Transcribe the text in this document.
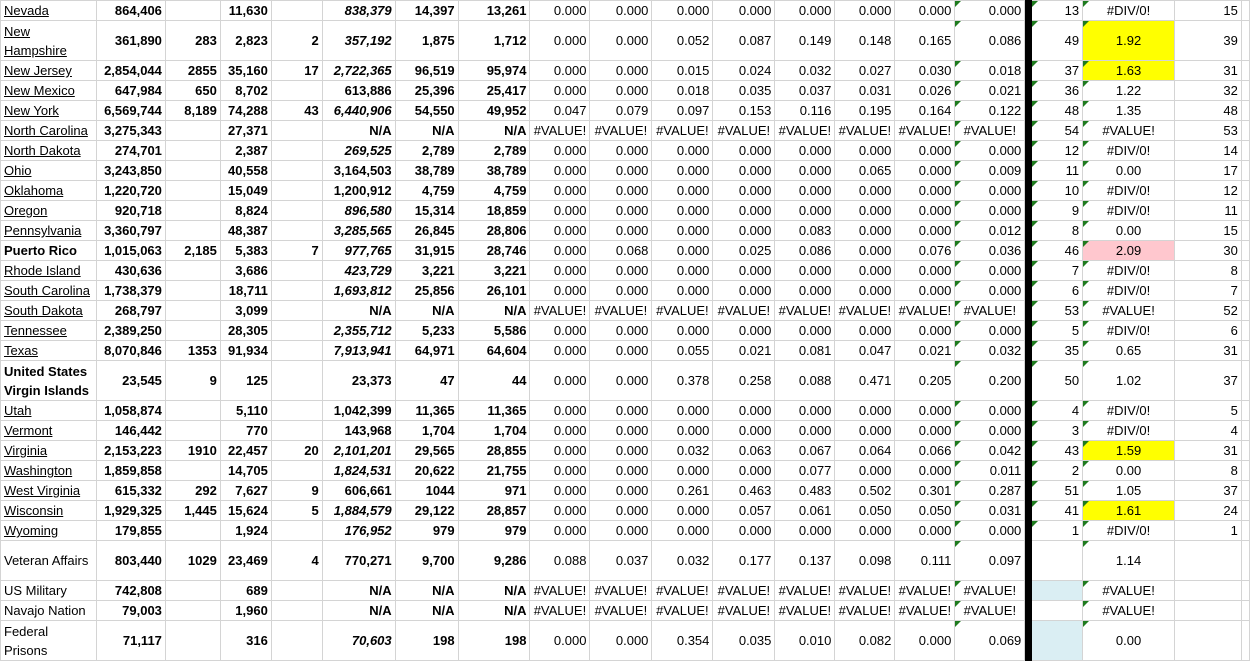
Nevada	864,406		11,630		838,379	14,397	13,261	0.000	0.000	0.000	0.000	0.000	0.000	0.000	0.000		13	#DIV/0!	15	
New Hampshire	361,890	283	2,823	2	357,192	1,875	1,712	0.000	0.000	0.052	0.087	0.149	0.148	0.165	0.086		49	1.92	39	
New Jersey	2,854,044	2855	35,160	17	2,722,365	96,519	95,974	0.000	0.000	0.015	0.024	0.032	0.027	0.030	0.018		37	1.63	31	
New Mexico	647,984	650	8,702		613,886	25,396	25,417	0.000	0.000	0.018	0.035	0.037	0.031	0.026	0.021		36	1.22	32	
New York	6,569,744	8,189	74,288	43	6,440,906	54,550	49,952	0.047	0.079	0.097	0.153	0.116	0.195	0.164	0.122		48	1.35	48	
North Carolina	3,275,343		27,371		N/A	N/A	N/A	#VALUE!	#VALUE!	#VALUE!	#VALUE!	#VALUE!	#VALUE!	#VALUE!	#VALUE!		54	#VALUE!	53	
North Dakota	274,701		2,387		269,525	2,789	2,789	0.000	0.000	0.000	0.000	0.000	0.000	0.000	0.000		12	#DIV/0!	14	
Ohio	3,243,850		40,558		3,164,503	38,789	38,789	0.000	0.000	0.000	0.000	0.000	0.065	0.000	0.009		11	0.00	17	
Oklahoma	1,220,720		15,049		1,200,912	4,759	4,759	0.000	0.000	0.000	0.000	0.000	0.000	0.000	0.000		10	#DIV/0!	12	
Oregon	920,718		8,824		896,580	15,314	18,859	0.000	0.000	0.000	0.000	0.000	0.000	0.000	0.000		9	#DIV/0!	11	
Pennsylvania	3,360,797		48,387		3,285,565	26,845	28,806	0.000	0.000	0.000	0.000	0.083	0.000	0.000	0.012		8	0.00	15	
Puerto Rico	1,015,063	2,185	5,383	7	977,765	31,915	28,746	0.000	0.068	0.000	0.025	0.086	0.000	0.076	0.036		46	2.09	30	
Rhode Island	430,636		3,686		423,729	3,221	3,221	0.000	0.000	0.000	0.000	0.000	0.000	0.000	0.000		7	#DIV/0!	8	
South Carolina	1,738,379		18,711		1,693,812	25,856	26,101	0.000	0.000	0.000	0.000	0.000	0.000	0.000	0.000		6	#DIV/0!	7	
South Dakota	268,797		3,099		N/A	N/A	N/A	#VALUE!	#VALUE!	#VALUE!	#VALUE!	#VALUE!	#VALUE!	#VALUE!	#VALUE!		53	#VALUE!	52	
Tennessee	2,389,250		28,305		2,355,712	5,233	5,586	0.000	0.000	0.000	0.000	0.000	0.000	0.000	0.000		5	#DIV/0!	6	
Texas	8,070,846	1353	91,934		7,913,941	64,971	64,604	0.000	0.000	0.055	0.021	0.081	0.047	0.021	0.032		35	0.65	31	
United States Virgin Islands	23,545	9	125		23,373	47	44	0.000	0.000	0.378	0.258	0.088	0.471	0.205	0.200		50	1.02	37	
Utah	1,058,874		5,110		1,042,399	11,365	11,365	0.000	0.000	0.000	0.000	0.000	0.000	0.000	0.000		4	#DIV/0!	5	
Vermont	146,442		770		143,968	1,704	1,704	0.000	0.000	0.000	0.000	0.000	0.000	0.000	0.000		3	#DIV/0!	4	
Virginia	2,153,223	1910	22,457	20	2,101,201	29,565	28,855	0.000	0.000	0.032	0.063	0.067	0.064	0.066	0.042		43	1.59	31	
Washington	1,859,858		14,705		1,824,531	20,622	21,755	0.000	0.000	0.000	0.000	0.077	0.000	0.000	0.011		2	0.00	8	
West Virginia	615,332	292	7,627	9	606,661	1044	971	0.000	0.000	0.261	0.463	0.483	0.502	0.301	0.287		51	1.05	37	
Wisconsin	1,929,325	1,445	15,624	5	1,884,579	29,122	28,857	0.000	0.000	0.000	0.057	0.061	0.050	0.050	0.031		41	1.61	24	
Wyoming	179,855		1,924		176,952	979	979	0.000	0.000	0.000	0.000	0.000	0.000	0.000	0.000		1	#DIV/0!	1	
Veteran Affairs	803,440	1029	23,469	4	770,271	9,700	9,286	0.088	0.037	0.032	0.177	0.137	0.098	0.111	0.097			1.14		
US Military	742,808		689		N/A	N/A	N/A	#VALUE!	#VALUE!	#VALUE!	#VALUE!	#VALUE!	#VALUE!	#VALUE!	#VALUE!			#VALUE!		
Navajo Nation	79,003		1,960		N/A	N/A	N/A	#VALUE!	#VALUE!	#VALUE!	#VALUE!	#VALUE!	#VALUE!	#VALUE!	#VALUE!			#VALUE!		
Federal Prisons	71,117		316		70,603	198	198	0.000	0.000	0.354	0.035	0.010	0.082	0.000	0.069			0.00		
